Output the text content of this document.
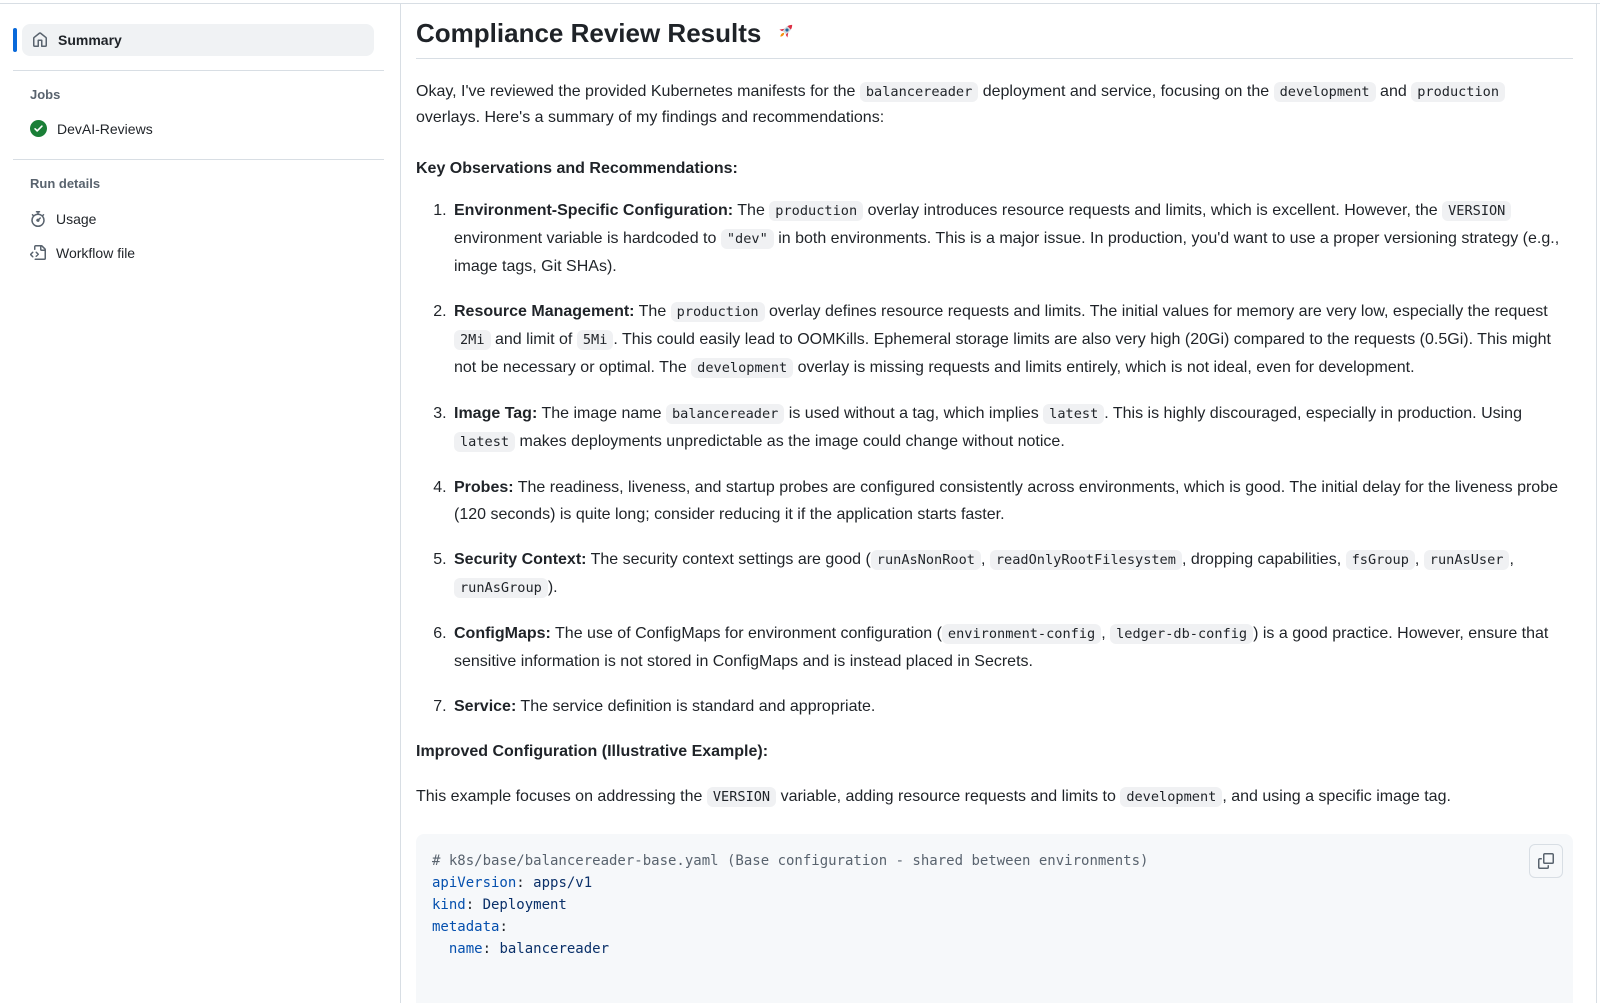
Summary
Jobs
DevAI-Reviews
Run details
Usage
Workflow file
Compliance Review Results

Okay, I've reviewed the provided Kubernetes manifests for the balancereader deployment and service, focusing on the development and production overlays. Here's a summary of my findings and recommendations:

Key Observations and Recommendations:
1. Environment-Specific Configuration: The production overlay introduces resource requests and limits, which is excellent. However, the VERSION environment variable is hardcoded to "dev" in both environments. This is a major issue. In production, you'd want to use a proper versioning strategy (e.g., image tags, Git SHAs).
2. Resource Management: The production overlay defines resource requests and limits. The initial values for memory are very low, especially the request 2Mi and limit of 5Mi . This could easily lead to OOMKills. Ephemeral storage limits are also very high (20Gi) compared to the requests (0.5Gi). This might not be necessary or optimal. The development overlay is missing requests and limits entirely, which is not ideal, even for development.
3. Image Tag: The image name balancereader is used without a tag, which implies latest . This is highly discouraged, especially in production. Using latest makes deployments unpredictable as the image could change without notice.
4. Probes: The readiness, liveness, and startup probes are configured consistently across environments, which is good. The initial delay for the liveness probe (120 seconds) is quite long; consider reducing it if the application starts faster.
5. Security Context: The security context settings are good ( runAsNonRoot , readOnlyRootFilesystem , dropping capabilities, fsGroup , runAsUser , runAsGroup ).
6. ConfigMaps: The use of ConfigMaps for environment configuration ( environment-config , ledger-db-config ) is a good practice. However, ensure that sensitive information is not stored in ConfigMaps and is instead placed in Secrets.
7. Service: The service definition is standard and appropriate.
Improved Configuration (Illustrative Example):

This example focuses on addressing the VERSION variable, adding resource requests and limits to development , and using a specific image tag.

# k8s/base/balancereader-base.yaml (Base configuration - shared between environments)
apiVersion: apps/v1
kind: Deployment
metadata:
name: balancereader
